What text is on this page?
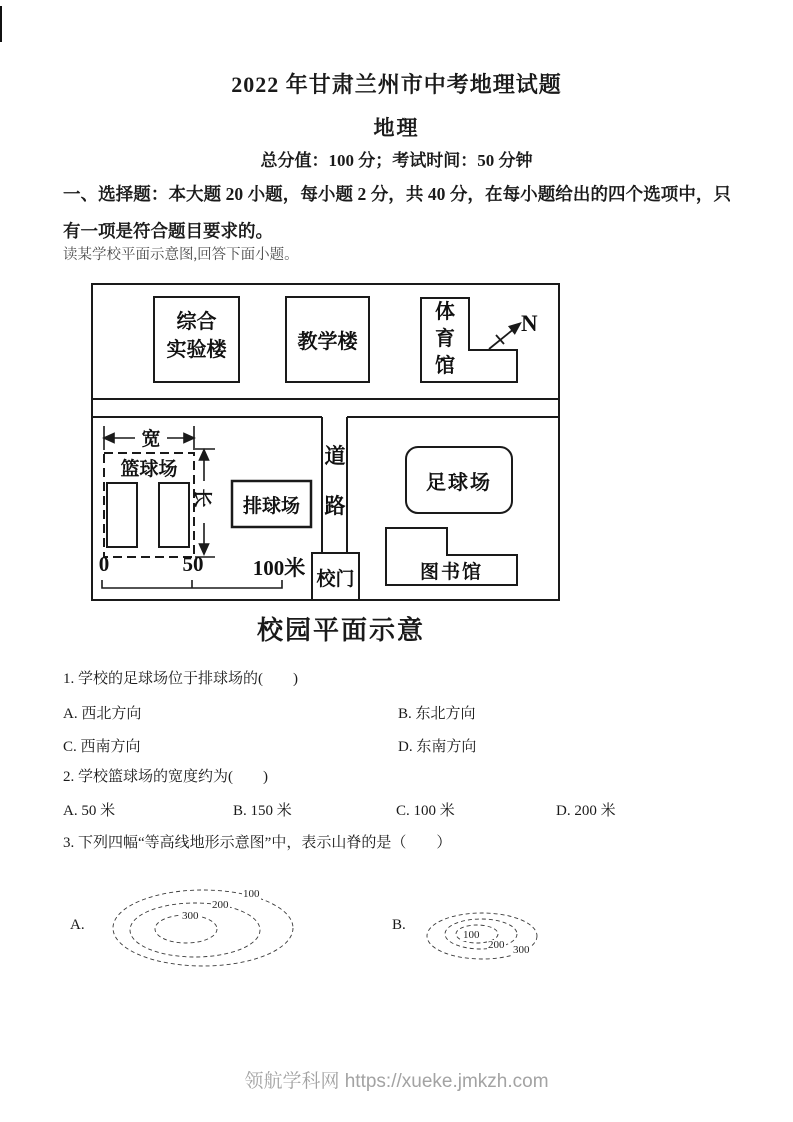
2022 年甘肃兰州市中考地理试题
地理
总分值：100 分；考试时间：50 分钟
一、选择题：本大题 20 小题，每小题 2 分，共 40 分，在每小题给出的四个选项中，只有一项是符合题目要求的。
读某学校平面示意图,回答下面小题。
综合
实验楼	教学楼
体育馆
N
道路
校门
篮球场
宽
长	排球场
足球场
图书馆
0	50	100米
校园平面示意
1. 学校的足球场位于排球场的(　　)
A. 西北方向	B. 东北方向
C. 西南方向	D. 东南方向
2. 学校篮球场的宽度约为(　　)
A. 50 米	B. 150 米	C. 100 米	D. 200 米
3. 下列四幅“等高线地形示意图”中，表示山脊的是（　　）
A.
100
200
300
B.
100
200 300
领航学科网 https://xueke.jmkzh.com
